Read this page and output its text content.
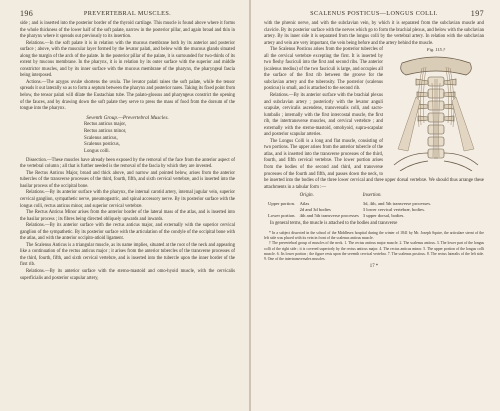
196	PREVERTEBRAL MUSCLES.

side ; and is inserted into the posterior border of the thyroid cartilage. This muscle is found above where it forms the whole thickness of the lower half of the soft palate, narrow in the posterior pillar, and again broad and thin in the pharynx where it spreads out previously to its insertion.

Relations.—In the soft palate it is in relation with the mucous membrane both by its anterior and posterior surface ; above, with the muscular layer formed by the levator palati, and below with the mucous glands situated along the margin of the arch of the palate. In the posterior pillar of the palate, it is surrounded for two-thirds of its extent by mucous membrane. In the pharynx, it is in relation by its outer surface with the superior and middle constrictor muscles, and by its inner surface with the mucous membrane of the pharynx, the pharyngeal fascia being interposed.

Actions.—The azygos uvulæ shortens the uvula. The levator palati raises the soft palate, while the tensor spreads it out laterally so as to form a septum between the pharynx and posterior nares. Taking its fixed point from below, the tensor palati will dilate the Eustachian tube. The palato-glossus and pharyngeus constrict the opening of the fauces, and by drawing down the soft palate they serve to press the mass of food from the dorsum of the tongue into the pharynx.

Seventh Group.—Prevertebral Muscles.
Rectus anticus major,
Rectus anticus minor,
Scalenus anticus,
Scalenus posticus,
Longus colli.

Dissection.—These muscles have already been exposed by the removal of the face from the anterior aspect of the vertebral column ; all that is further needed is the removal of the fascia by which they are invested.

The Rectus Anticus Major, broad and thick above, and narrow and pointed below, arises from the anterior tubercles of the transverse processes of the third, fourth, fifth, and sixth cervical vertebræ, and is inserted into the basilar process of the occipital bone.

Relations.—By its anterior surface with the pharynx, the internal carotid artery, internal jugular vein, superior cervical ganglion, sympathetic nerve, pneumogastric, and spinal accessory nerve. By its posterior surface with the longus colli, rectus anticus minor, and superior cervical vertebræ.

The Rectus Anticus Minor arises from the anterior border of the lateral mass of the atlas, and is inserted into the basilar process ; its fibres being directed obliquely upwards and inwards.

Relations.—By its anterior surface with the rectus anticus major, and externally with the superior cervical ganglion of the sympathetic. By its posterior surface with the articulation of the condyle of the occipital bone with the atlas, and with the anterior occipito-atloid ligament.

The Scalenus Anticus is a triangular muscle, as its name implies, situated at the root of the neck and appearing like a continuation of the rectus anticus major ; it arises from the anterior tubercles of the transverse processes of the third, fourth, fifth, and sixth cervical vertebræ, and is inserted into the tubercle upon the inner border of the first rib.

Relations.—By its anterior surface with the sterno-mastoid and omo-hyoid muscle, with the cervicalis superficialis and posterior scapular artery,

SCALENUS POSTICUS—LONGUS COLLI.	197

with the phrenic nerve, and with the subclavian vein, by which it is separated from the subclavian muscle and clavicle. By its posterior surface with the nerves which go to form the brachial plexus, and below with the subclavian artery. By its inner side it is separated from the longus colli by the vertebral artery. In relation with the subclavian artery and vein are very important, the vein being before and the artery behind the muscle.

Fig. 115.†

The Scalenus Posticus arises from the posterior tubercles of all the cervical vertebræ excepting the first. It is inserted by two fleshy fasciculi into the first and second ribs. The anterior (scalenus medius) of the two fasciculi is large, and occupies all the surface of the first rib between the groove for the subclavian artery and the tuberosity. The posterior (scalenus posticus) is small, and is attached to the second rib.

Relations.—By its anterior surface with the brachial plexus and subclavian artery ; posteriorly with the levator anguli scapulæ, cervicalis ascendens, transversalis colli, and sacro-lumbalis ; internally with the first intercostal muscle, the first rib, the intertransverse muscles, and cervical vertebræ ; and externally with the sterno-mastoid, omohyoid, supra-scapular and posterior scapular arteries.

The Longus Colli is a long and flat muscle, consisting of two portions. The upper arises from the anterior tubercle of the atlas, and is inserted into the transverse processes of the third, fourth, and fifth cervical vertebræ. The lower portion arises from the bodies of the second and third, and transverse processes of the fourth and fifth, and passes down the neck, to be inserted into the bodies of the three lower cervical and three upper dorsal vertebræ. We should thus arrange these attachments in a tabular form :—

	Origin.	Insertion.
Upper portion.	Atlas	3d, 4th, and 5th transverse processes.
	2d and 3d bodies	3 lower cervical vertebræ, bodies.
Lower portion.	4th and 5th transverse processes	3 upper dorsal, bodies.

In general terms, the muscle is attached to the bodies and transverse

* In a subject dissected in the school of the Middlesex hospital during the winter of 1841 by Mr. Joseph Squire, the articulare sterni of the left side was placed with its vein in front of the scalenus anticus muscle.

† The prevertebral group of muscles of the neck. 1. The rectus anticus major muscle. 2. The scalenus anticus. 3. The lower part of the longus colli of the right side ; it is covered superiorly by the rectus anticus major. 4. The rectus anticus minor. 5. The upper portion of the longus colli muscle. 6. Its lower portion ; the figure rests upon the seventh cervical vertebra. 7. The scalenus posticus. 8. The rectus lateralis of the left side. 9. One of the intertransversales muscles.

17 *
